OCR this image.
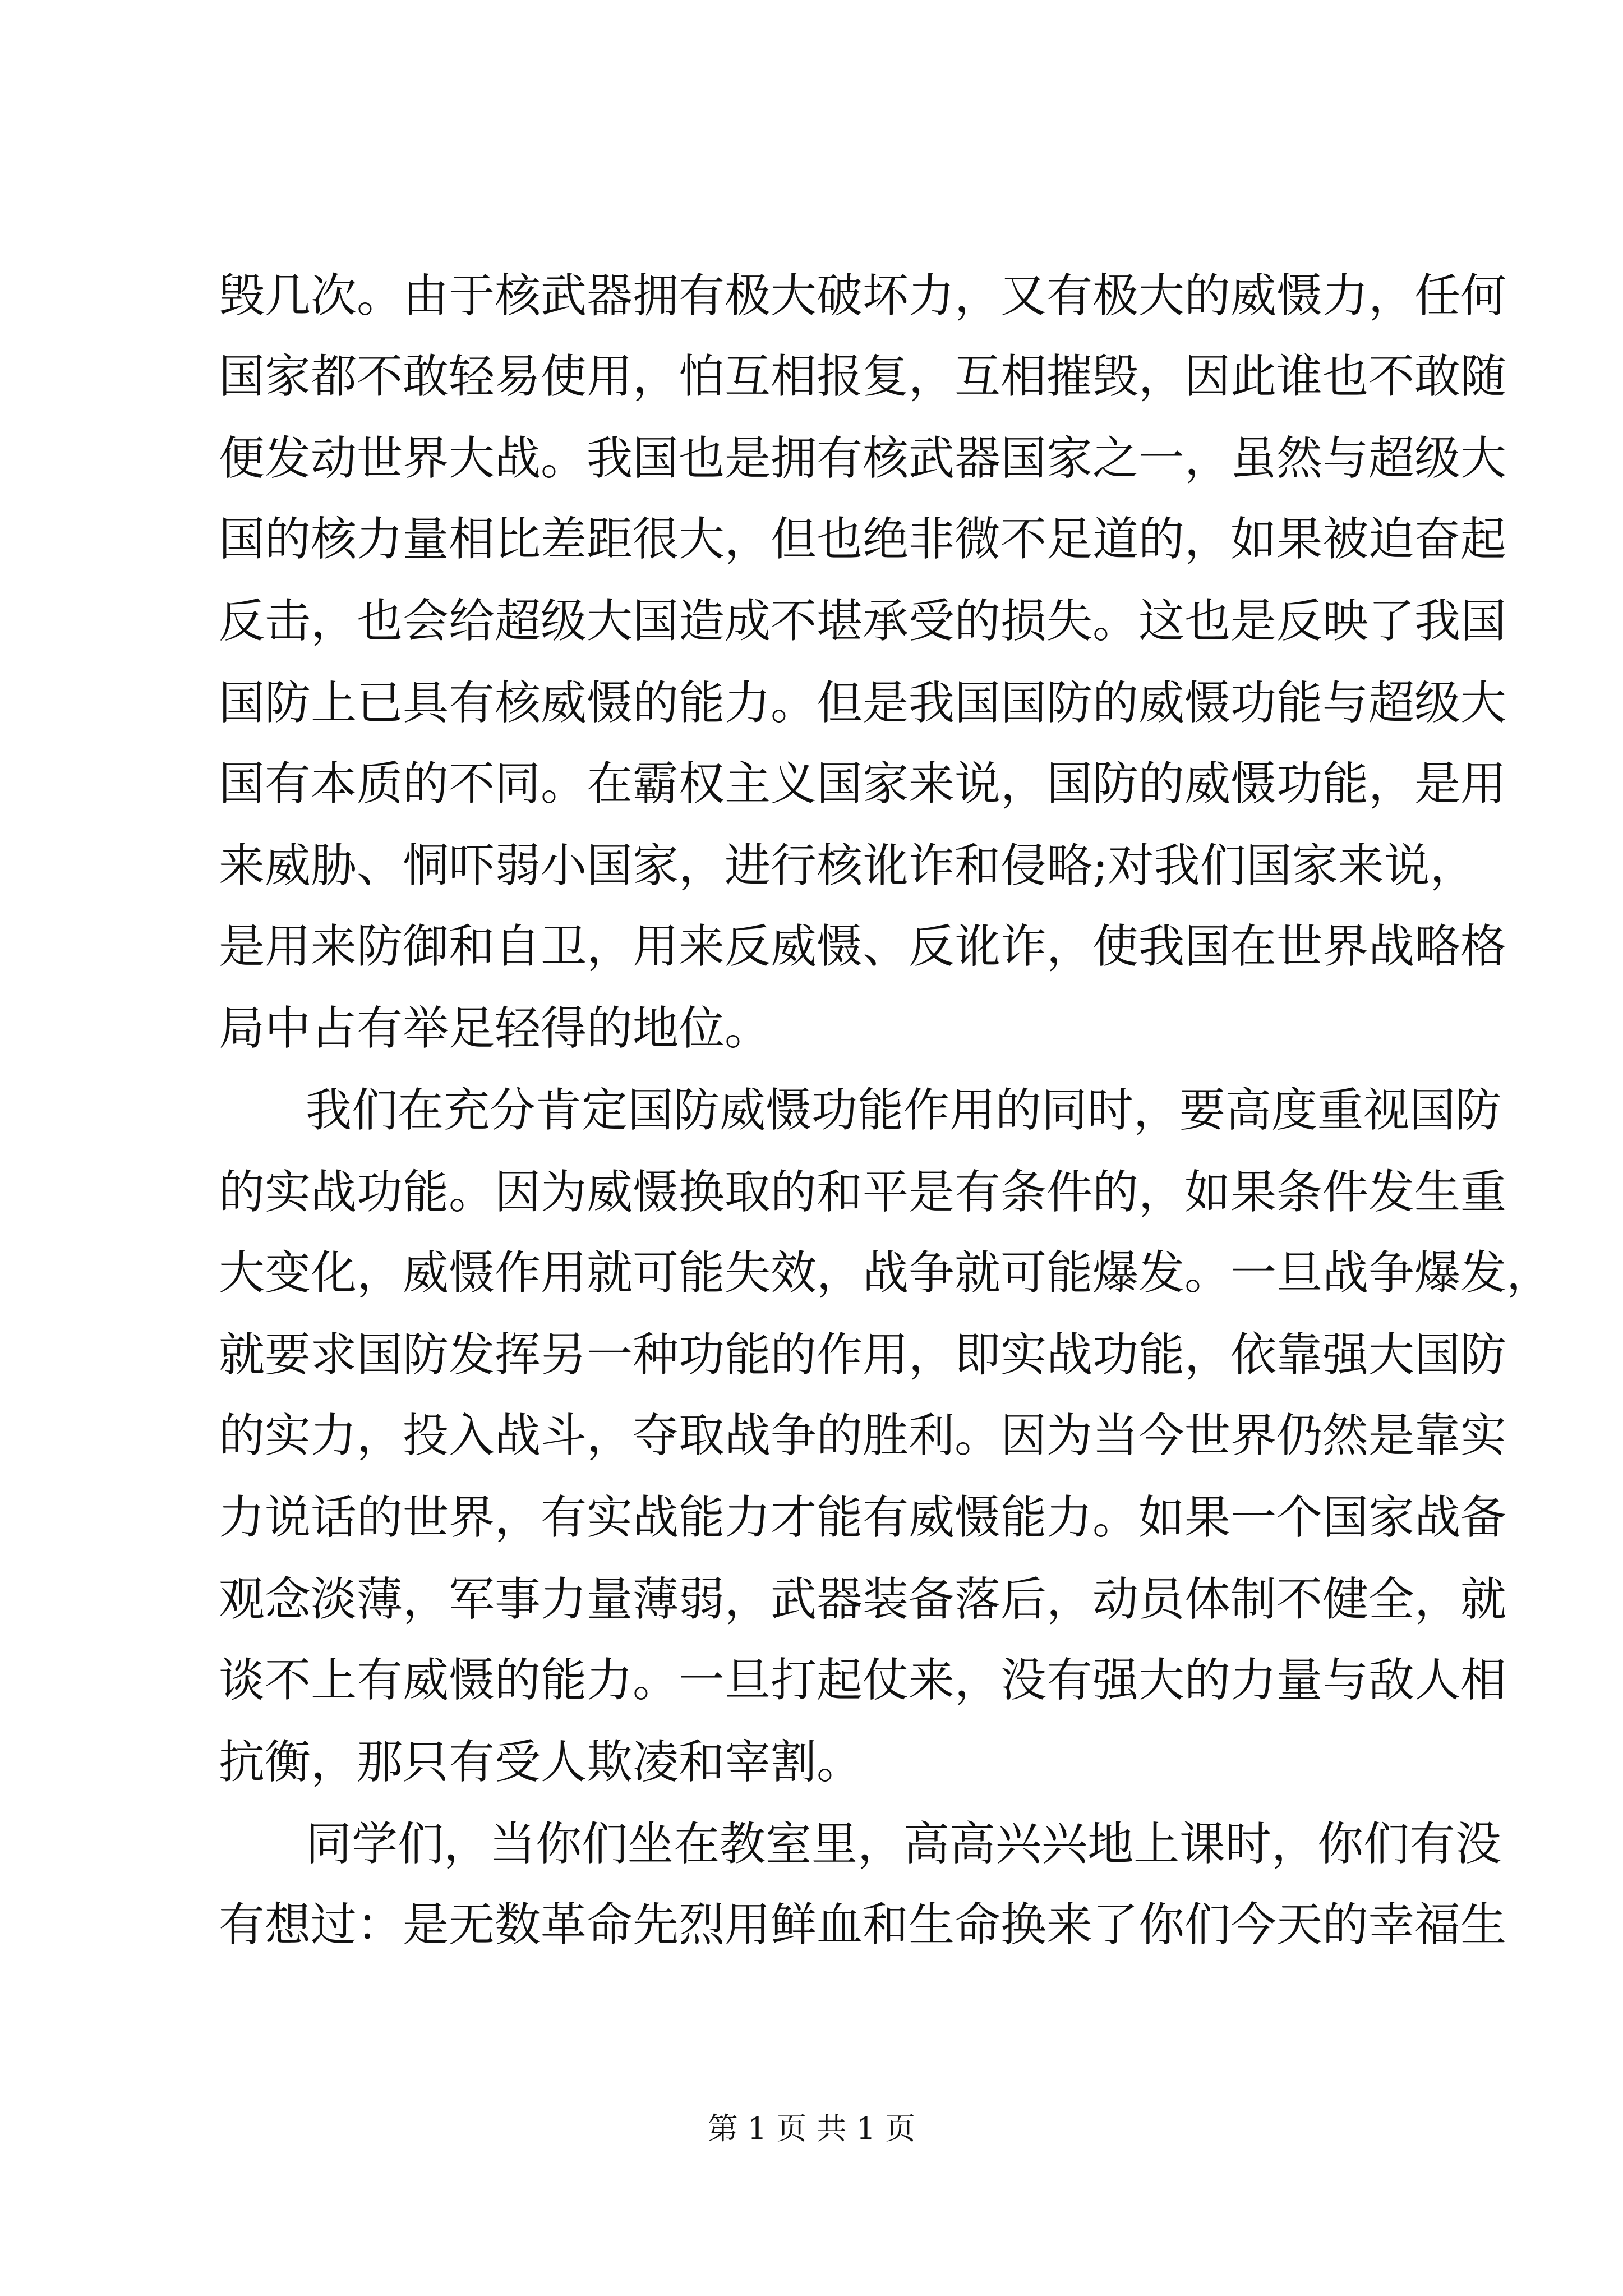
毁几次。由于核武器拥有极大破坏力，又有极大的威慑力，任何
国家都不敢轻易使用，怕互相报复，互相摧毁，因此谁也不敢随
便发动世界大战。我国也是拥有核武器国家之一，虽然与超级大
国的核力量相比差距很大，但也绝非微不足道的，如果被迫奋起
反击，也会给超级大国造成不堪承受的损失。这也是反映了我国
国防上已具有核威慑的能力。但是我国国防的威慑功能与超级大
国有本质的不同。在霸权主义国家来说，国防的威慑功能，是用
来威胁、恫吓弱小国家，进行核讹诈和侵略;对我们国家来说，
是用来防御和自卫，用来反威慑、反讹诈，使我国在世界战略格
局中占有举足轻得的地位。
我们在充分肯定国防威慑功能作用的同时，要高度重视国防
的实战功能。因为威慑换取的和平是有条件的，如果条件发生重
大变化，威慑作用就可能失效，战争就可能爆发。一旦战争爆发，
就要求国防发挥另一种功能的作用，即实战功能，依靠强大国防
的实力，投入战斗，夺取战争的胜利。因为当今世界仍然是靠实
力说话的世界，有实战能力才能有威慑能力。如果一个国家战备
观念淡薄，军事力量薄弱，武器装备落后，动员体制不健全，就
谈不上有威慑的能力。一旦打起仗来，没有强大的力量与敌人相
抗衡，那只有受人欺凌和宰割。
同学们，当你们坐在教室里，高高兴兴地上课时，你们有没
有想过：是无数革命先烈用鲜血和生命换来了你们今天的幸福生
第 1 页 共 1 页
